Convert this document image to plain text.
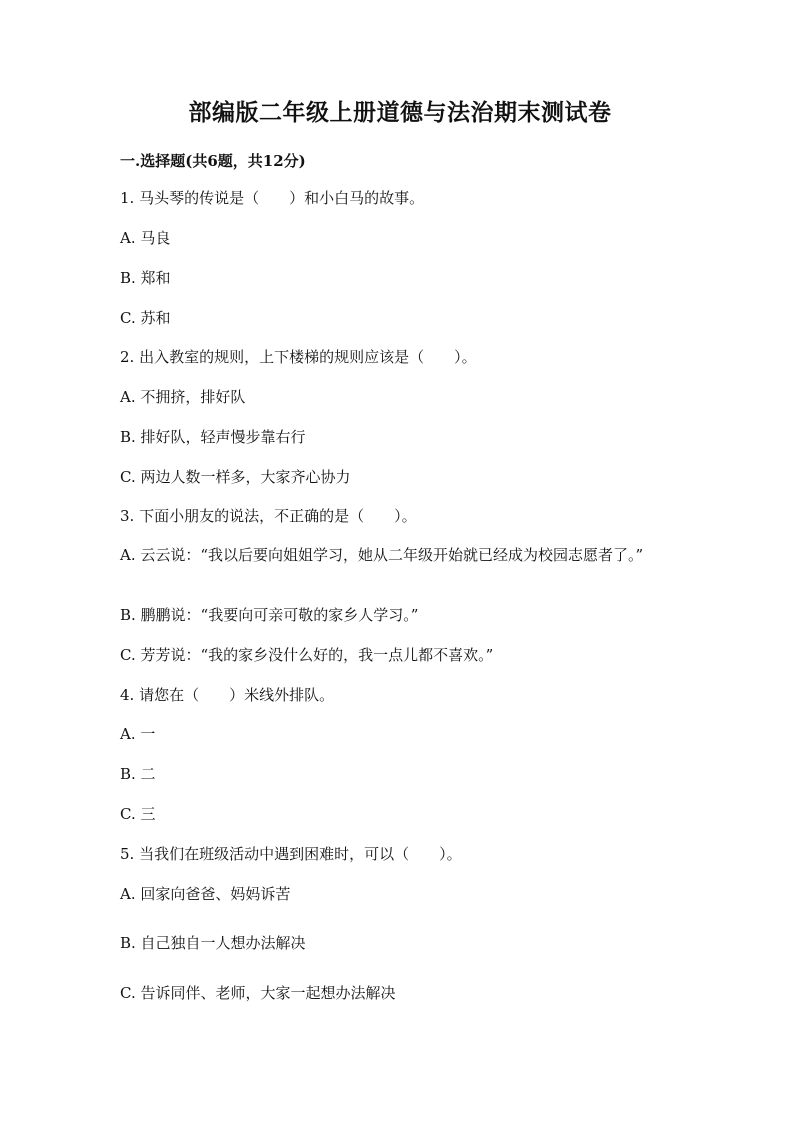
部编版二年级上册道德与法治期末测试卷
一.选择题(共6题，共12分)
1. 马头琴的传说是（　　）和小白马的故事。
A. 马良
B. 郑和
C. 苏和
2. 出入教室的规则，上下楼梯的规则应该是（　　）。
A. 不拥挤，排好队
B. 排好队，轻声慢步靠右行
C. 两边人数一样多，大家齐心协力
3. 下面小朋友的说法，不正确的是（　　）。
A. 云云说：“我以后要向姐姐学习，她从二年级开始就已经成为校园志愿者了。”
B. 鹏鹏说：“我要向可亲可敬的家乡人学习。”
C. 芳芳说：“我的家乡没什么好的，我一点儿都不喜欢。”
4. 请您在（　　）米线外排队。
A. 一
B. 二
C. 三
5. 当我们在班级活动中遇到困难时，可以（　　）。
A. 回家向爸爸、妈妈诉苦
B. 自己独自一人想办法解决
C. 告诉同伴、老师，大家一起想办法解决
